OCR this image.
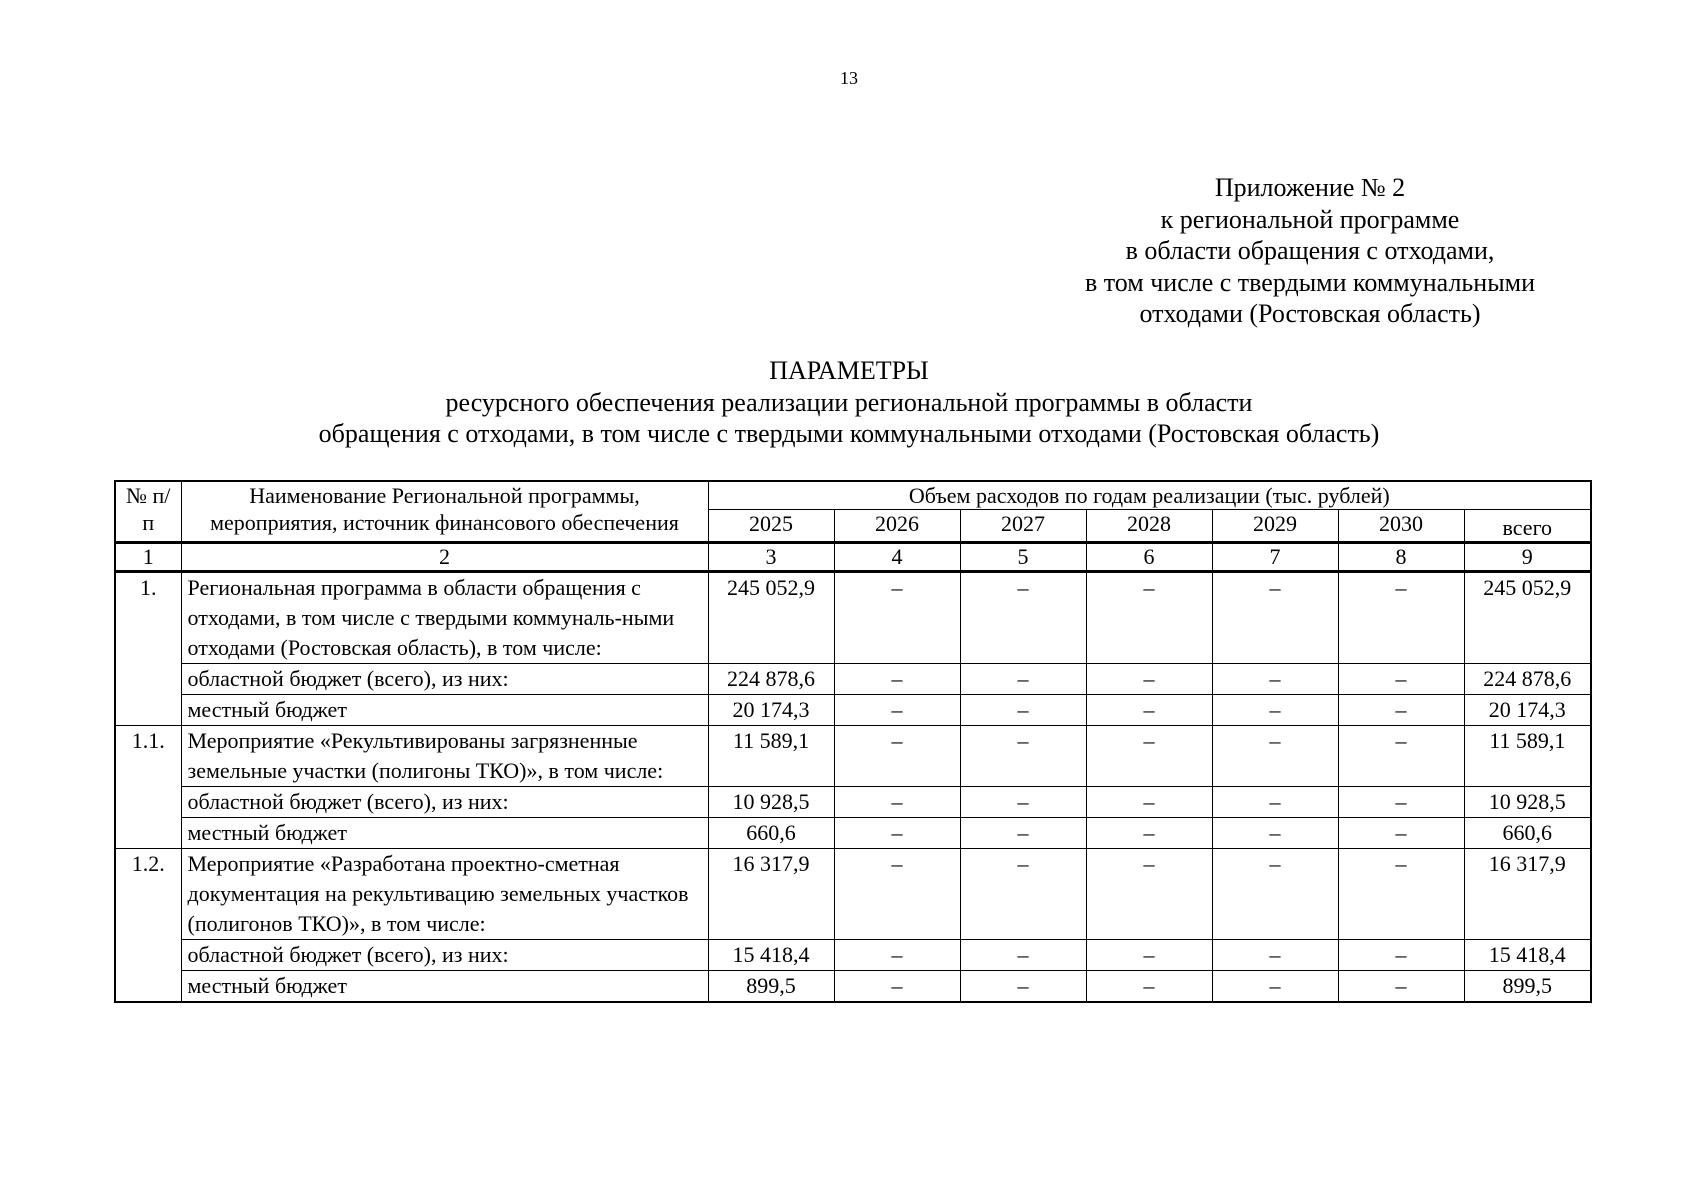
13
Приложение № 2
к региональной программе
в области обращения с отходами,
в том числе с твердыми коммунальными
отходами (Ростовская область)
ПАРАМЕТРЫ
ресурсного обеспечения реализации региональной программы в области
обращения с отходами, в том числе с твердыми коммунальными отходами (Ростовская область)
№ п/п	Наименование Региональной программы, мероприятия, источник финансового обеспечения	Объем расходов по годам реализации (тыс. рублей)						
		2025	2026	2027	2028	2029	2030	всего
1	2	3	4	5	6	7	8	9
1.	Региональная программа в области обращения с отходами, в том числе с твердыми коммуналь-ными отходами (Ростовская область), в том числе:	245 052,9	–	–	–	–	–	245 052,9
	областной бюджет (всего), из них:	224 878,6	–	–	–	–	–	224 878,6
	местный бюджет	20 174,3	–	–	–	–	–	20 174,3
1.1.	Мероприятие «Рекультивированы загрязненные земельные участки (полигоны ТКО)», в том числе:	11 589,1	–	–	–	–	–	11 589,1
	областной бюджет (всего), из них:	10 928,5	–	–	–	–	–	10 928,5
	местный бюджет	660,6	–	–	–	–	–	660,6
1.2.	Мероприятие «Разработана проектно-сметная документация на рекультивацию земельных участков (полигонов ТКО)», в том числе:	16 317,9	–	–	–	–	–	16 317,9
	областной бюджет (всего), из них:	15 418,4	–	–	–	–	–	15 418,4
	местный бюджет	899,5	–	–	–	–	–	899,5
